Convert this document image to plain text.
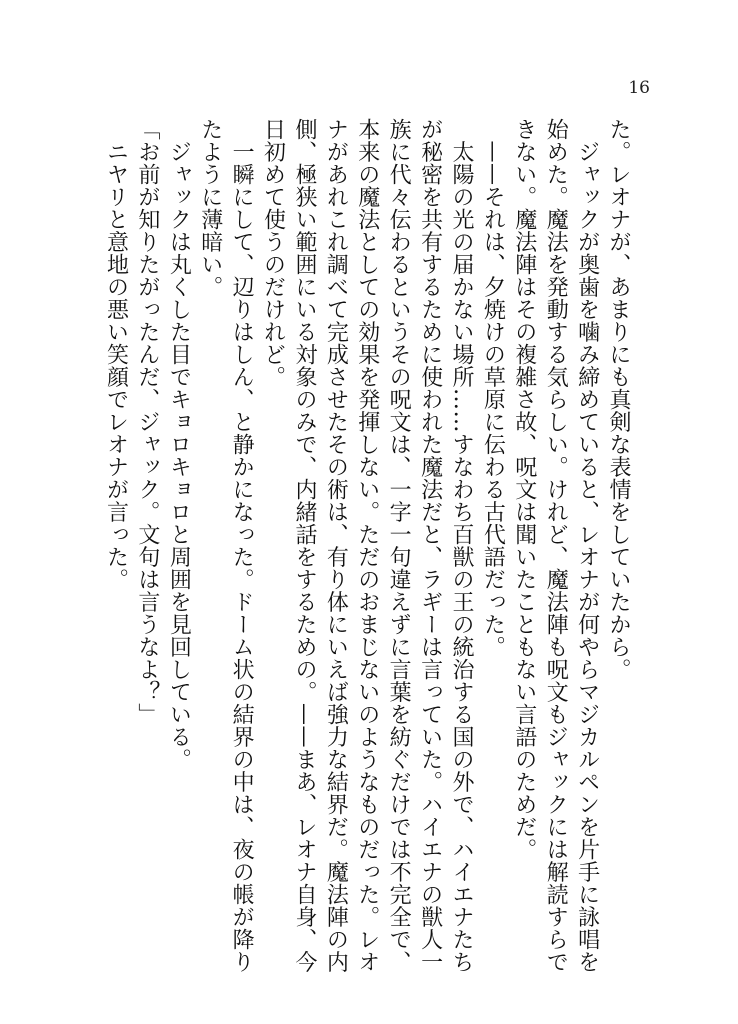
16

た。レオナが、あまりにも真剣な表情をしていたから。

　ジャックが奥歯を噛み締めていると、レオナが何やらマジカルペンを片手に詠唱を

始めた。魔法を発動する気らしい。けれど、魔法陣も呪文もジャックには解読すらで

きない。魔法陣はその複雑さ故、呪文は聞いたこともない言語のためだ。

　——それは、夕焼けの草原に伝わる古代語だった。

　太陽の光の届かない場所……すなわち百獣の王の統治する国の外で、ハイエナたち

が秘密を共有するために使われた魔法だと、ラギーは言っていた。ハイエナの獣人一

族に代々伝わるというその呪文は、一字一句違えずに言葉を紡ぐだけでは不完全で、

本来の魔法としての効果を発揮しない。ただのおまじないのようなものだった。レオ

ナがあれこれ調べて完成させたその術は、有り体にいえば強力な結界だ。魔法陣の内

側、極狭い範囲にいる対象のみで、内緒話をするための。——まあ、レオナ自身、今

日初めて使うのだけれど。

　一瞬にして、辺りはしん、と静かになった。ドーム状の結界の中は、夜の帳が降り

たように薄暗い。

　ジャックは丸くした目でキョロキョロと周囲を見回している。

「お前が知りたがったんだ、ジャック。文句は言うなよ？」

　ニヤリと意地の悪い笑顔でレオナが言った。
